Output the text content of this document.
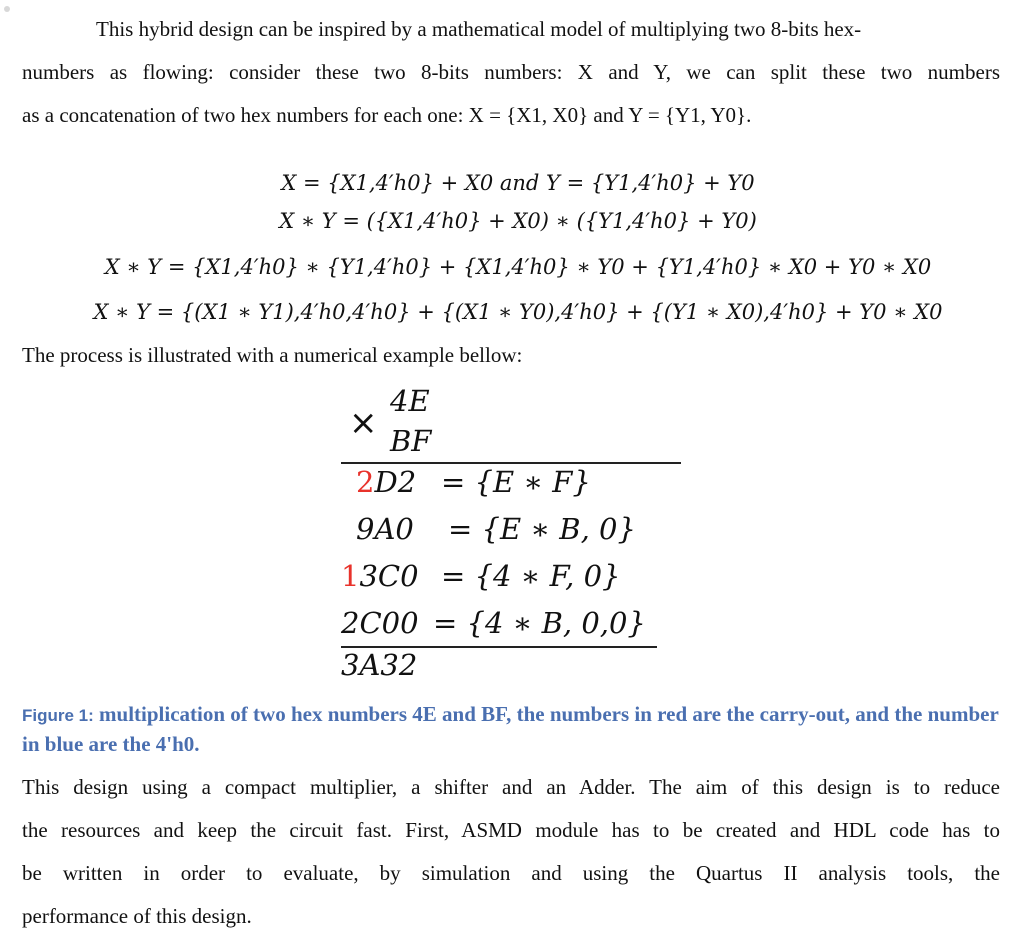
This hybrid design can be inspired by a mathematical model of multiplying two 8-bits hex-
numbers as flowing: consider these two 8-bits numbers: X and Y, we can split these two numbers
as a concatenation of two hex numbers for each one: X = {X1, X0} and Y = {Y1, Y0}.
X = {X1,4′h0} + X0 and Y = {Y1,4′h0} + Y0
X ∗ Y = ({X1,4′h0} + X0) ∗ ({Y1,4′h0} + Y0)
X ∗ Y = {X1,4′h0} ∗ {Y1,4′h0} + {X1,4′h0} ∗ Y0 + {Y1,4′h0} ∗ X0 + Y0 ∗ X0
X ∗ Y = {(X1 ∗ Y1),4′h0,4′h0} + {(X1 ∗ Y0),4′h0} + {(Y1 ∗ X0),4′h0} + Y0 ∗ X0
The process is illustrated with a numerical example bellow:
4E
× BF
2D2 = {E ∗ F}
9A0 = {E ∗ B, 0}
13C0 = {4 ∗ F, 0}
2C00 = {4 ∗ B, 0,0}
3A32
Figure 1: multiplication of two hex numbers 4E and BF, the numbers in red are the carry-out, and the number in blue are the 4'h0.
This design using a compact multiplier, a shifter and an Adder. The aim of this design is to reduce
the resources and keep the circuit fast. First, ASMD module has to be created and HDL code has to
be written in order to evaluate, by simulation and using the Quartus II analysis tools, the
performance of this design.
